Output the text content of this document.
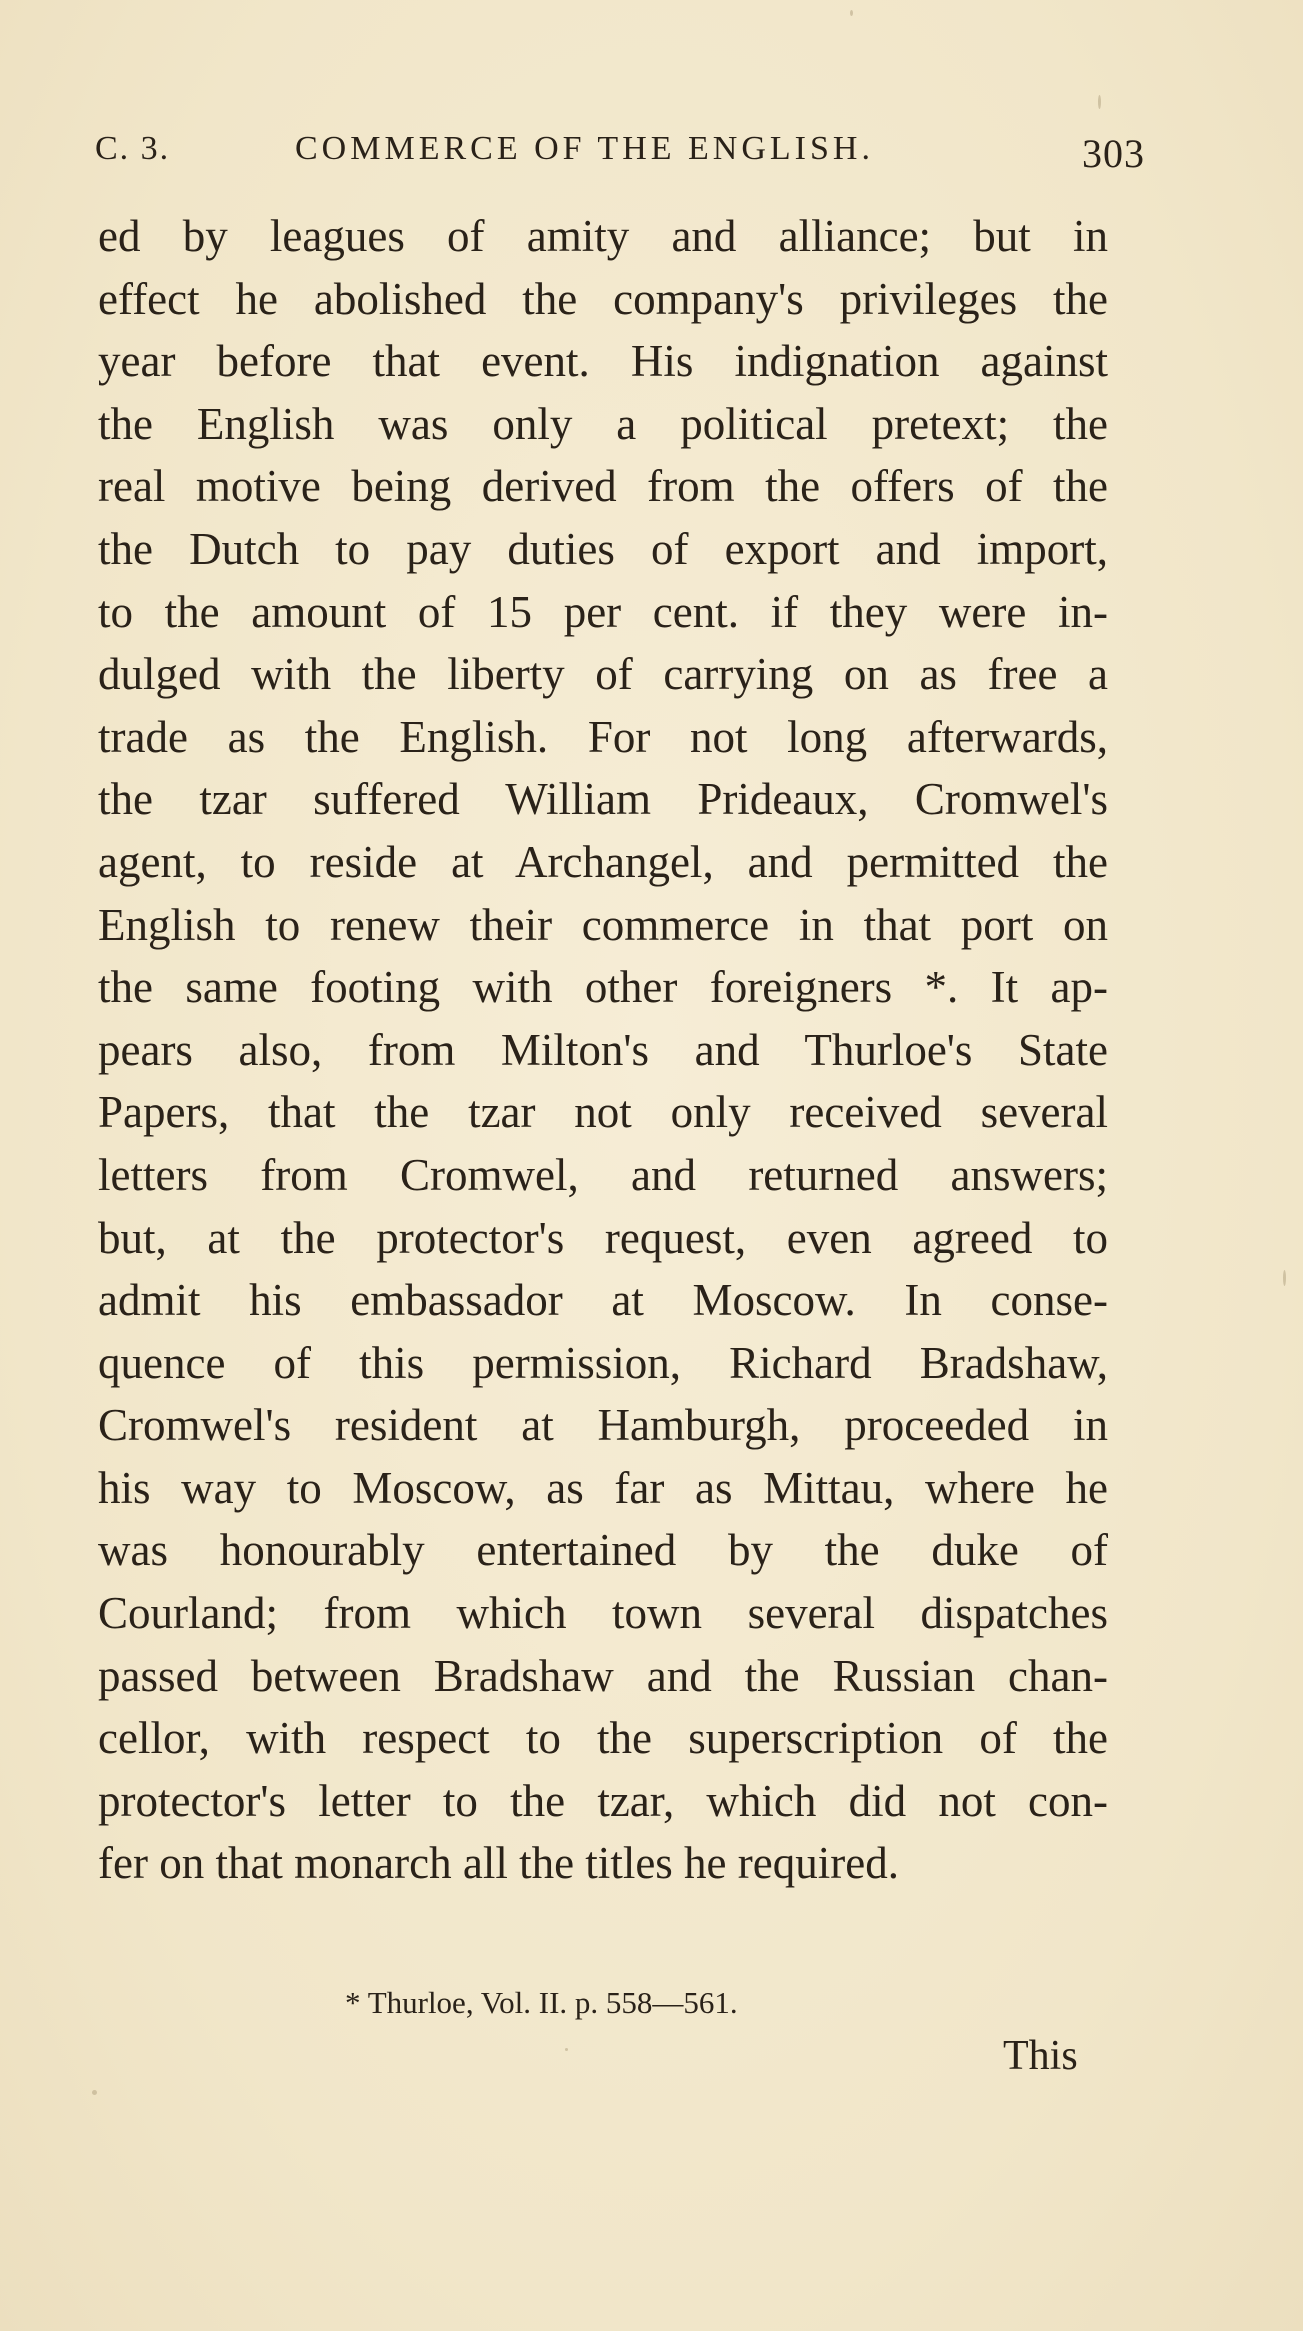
C. 3.	COMMERCE OF THE ENGLISH.	303
ed by leagues of amity and alliance; but in
effect he abolished the company's privileges the
year before that event. His indignation against
the English was only a political pretext; the
real motive being derived from the offers of the
the Dutch to pay duties of export and import,
to the amount of 15 per cent. if they were in-
dulged with the liberty of carrying on as free a
trade as the English. For not long afterwards,
the tzar suffered William Prideaux, Cromwel's
agent, to reside at Archangel, and permitted the
English to renew their commerce in that port on
the same footing with other foreigners *. It ap-
pears also, from Milton's and Thurloe's State
Papers, that the tzar not only received several
letters from Cromwel, and returned answers;
but, at the protector's request, even agreed to
admit his embassador at Moscow. In conse-
quence of this permission, Richard Bradshaw,
Cromwel's resident at Hamburgh, proceeded in
his way to Moscow, as far as Mittau, where he
was honourably entertained by the duke of
Courland; from which town several dispatches
passed between Bradshaw and the Russian chan-
cellor, with respect to the superscription of the
protector's letter to the tzar, which did not con-
fer on that monarch all the titles he required.
* Thurloe, Vol. II. p. 558—561.
This
